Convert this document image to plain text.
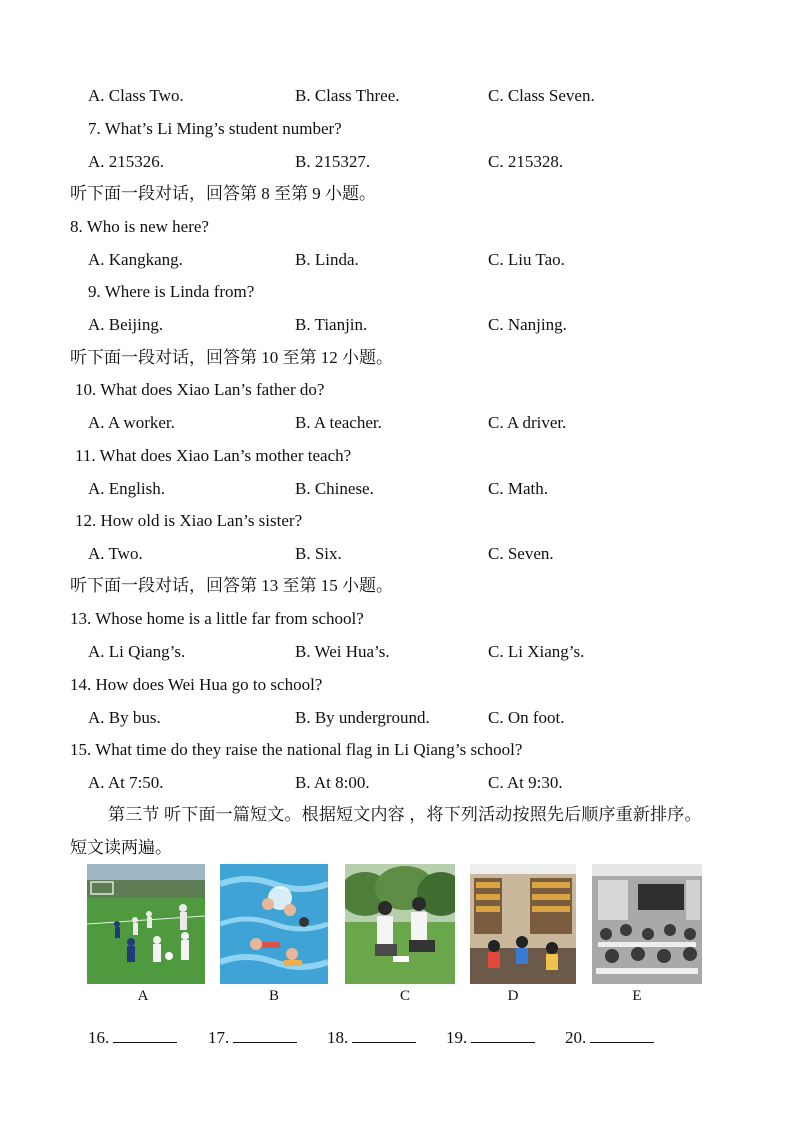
A. Class Two.	B. Class Three.	C. Class Seven.
7. What’s Li Ming’s student number?
A. 215326.	B. 215327.	C. 215328.
听下面一段对话，回答第 8 至第 9 小题。
8. Who is new here?
A. Kangkang.	B. Linda.	C. Liu Tao.
9. Where is Linda from?
A. Beijing.	B. Tianjin.	C. Nanjing.
听下面一段对话，回答第 10 至第 12 小题。
10. What does Xiao Lan’s father do?
A. A worker.	B. A teacher.	C. A driver.
11. What does Xiao Lan’s mother teach?
A. English.	B. Chinese.	C. Math.
12. How old is Xiao Lan’s sister?
A. Two.	B. Six.	C. Seven.
听下面一段对话，回答第 13 至第 15 小题。
13. Whose home is a little far from school?
A. Li Qiang’s.	B. Wei Hua’s.	C. Li Xiang’s.
14. How does Wei Hua go to school?
A. By bus.	B. By underground.	C. On foot.
15. What time do they raise the national flag in Li Qiang’s school?
A. At 7:50.	B. At 8:00.	C. At 9:30.
第三节 听下面一篇短文。根据短文内容 ，将下列活动按照先后顺序重新排序。
短文读两遍。
A	B	C	D	E
16.	17.	18.	19.	20.
